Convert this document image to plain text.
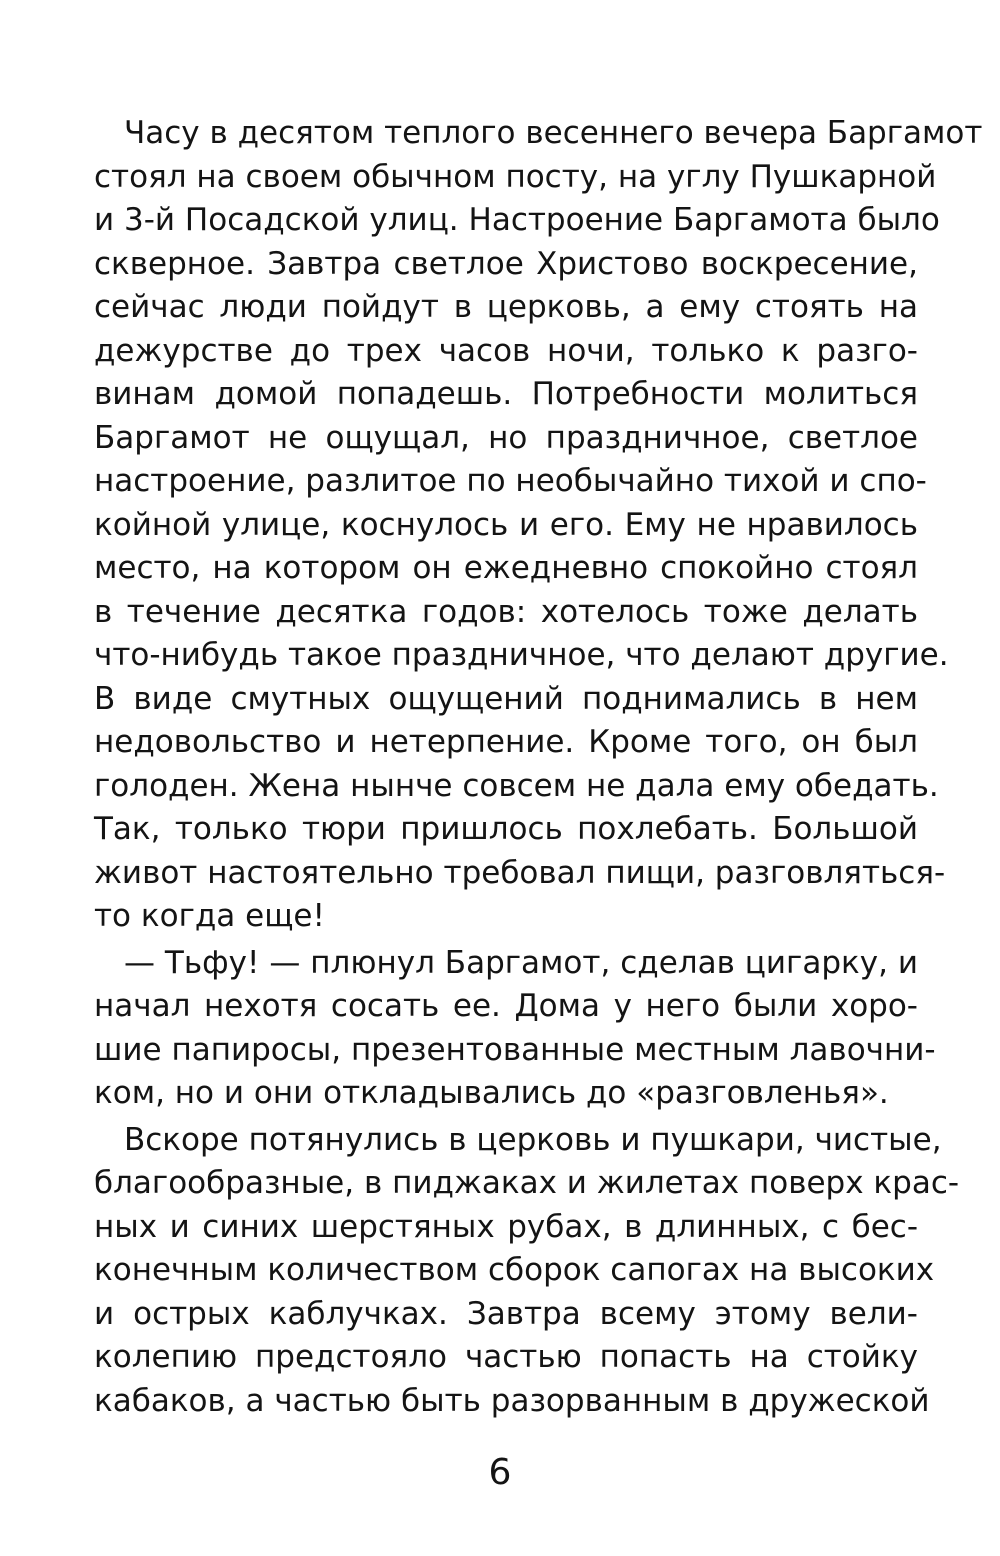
Часу в десятом теплого весеннего вечера Баргамот
стоял на своем обычном посту, на углу Пушкарной
и 3-й Посадской улиц. Настроение Баргамота было
скверное. Завтра светлое Христово воскресение,
сейчас люди пойдут в церковь, а ему стоять на
дежурстве до трех часов ночи, только к разго-
винам домой попадешь. Потребности молиться
Баргамот не ощущал, но праздничное, светлое
настроение, разлитое по необычайно тихой и спо-
койной улице, коснулось и его. Ему не нравилось
место, на котором он ежедневно спокойно стоял
в течение десятка годов: хотелось тоже делать
что-нибудь такое праздничное, что делают другие.
В виде смутных ощущений поднимались в нем
недовольство и нетерпение. Кроме того, он был
голоден. Жена нынче совсем не дала ему обедать.
Так, только тюри пришлось похлебать. Большой
живот настоятельно требовал пищи, разговляться-
то когда еще!
— Тьфу! — плюнул Баргамот, сделав цигарку, и
начал нехотя сосать ее. Дома у него были хоро-
шие папиросы, презентованные местным лавочни-
ком, но и они откладывались до «разговленья».
Вскоре потянулись в церковь и пушкари, чистые,
благообразные, в пиджаках и жилетах поверх крас-
ных и синих шерстяных рубах, в длинных, с бес-
конечным количеством сборок сапогах на высоких
и острых каблучках. Завтра всему этому вели-
колепию предстояло частью попасть на стойку
кабаков, а частью быть разорванным в дружеской
6
